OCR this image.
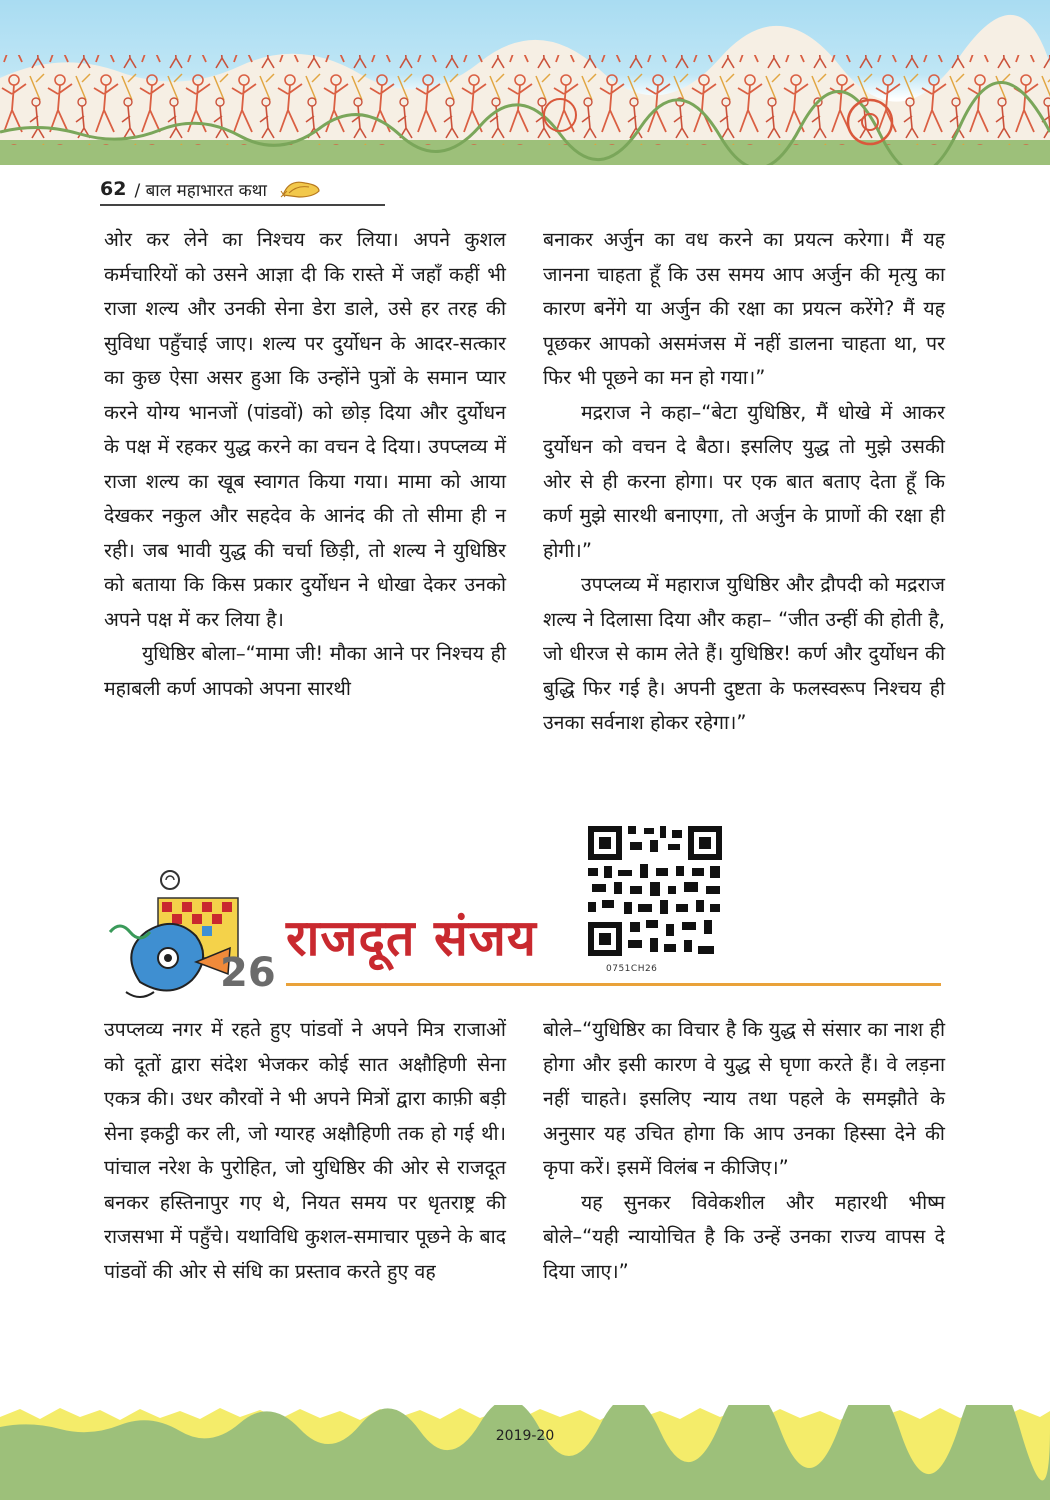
62 / बाल महाभारत कथा

ओर कर लेने का निश्चय कर लिया। अपने कुशल कर्मचारियों को उसने आज्ञा दी कि रास्ते में जहाँ कहीं भी राजा शल्य और उनकी सेना डेरा डाले, उसे हर तरह की सुविधा पहुँचाई जाए। शल्य पर दुर्योधन के आदर-सत्कार का कुछ ऐसा असर हुआ कि उन्होंने पुत्रों के समान प्यार करने योग्य भानजों (पांडवों) को छोड़ दिया और दुर्योधन के पक्ष में रहकर युद्ध करने का वचन दे दिया। उपप्लव्य में राजा शल्य का खूब स्वागत किया गया। मामा को आया देखकर नकुल और सहदेव के आनंद की तो सीमा ही न रही। जब भावी युद्ध की चर्चा छिड़ी, तो शल्य ने युधिष्ठिर को बताया कि किस प्रकार दुर्योधन ने धोखा देकर उनको अपने पक्ष में कर लिया है।

युधिष्ठिर बोला–“मामा जी! मौका आने पर निश्चय ही महाबली कर्ण आपको अपना सारथी

बनाकर अर्जुन का वध करने का प्रयत्न करेगा। मैं यह जानना चाहता हूँ कि उस समय आप अर्जुन की मृत्यु का कारण बनेंगे या अर्जुन की रक्षा का प्रयत्न करेंगे? मैं यह पूछकर आपको असमंजस में नहीं डालना चाहता था, पर फिर भी पूछने का मन हो गया।”

मद्रराज ने कहा–“बेटा युधिष्ठिर, मैं धोखे में आकर दुर्योधन को वचन दे बैठा। इसलिए युद्ध तो मुझे उसकी ओर से ही करना होगा। पर एक बात बताए देता हूँ कि कर्ण मुझे सारथी बनाएगा, तो अर्जुन के प्राणों की रक्षा ही होगी।”

उपप्लव्य में महाराज युधिष्ठिर और द्रौपदी को मद्रराज शल्य ने दिलासा दिया और कहा– “जीत उन्हीं की होती है, जो धीरज से काम लेते हैं। युधिष्ठिर! कर्ण और दुर्योधन की बुद्धि फिर गई है। अपनी दुष्टता के फलस्वरूप निश्चय ही उनका सर्वनाश होकर रहेगा।”

26
राजदूत संजय
0751CH26

उपप्लव्य नगर में रहते हुए पांडवों ने अपने मित्र राजाओं को दूतों द्वारा संदेश भेजकर कोई सात अक्षौहिणी सेना एकत्र की। उधर कौरवों ने भी अपने मित्रों द्वारा काफ़ी बड़ी सेना इकट्ठी कर ली, जो ग्यारह अक्षौहिणी तक हो गई थी। पांचाल नरेश के पुरोहित, जो युधिष्ठिर की ओर से राजदूत बनकर हस्तिनापुर गए थे, नियत समय पर धृतराष्ट्र की राजसभा में पहुँचे। यथाविधि कुशल-समाचार पूछने के बाद पांडवों की ओर से संधि का प्रस्ताव करते हुए वह

बोले–“युधिष्ठिर का विचार है कि युद्ध से संसार का नाश ही होगा और इसी कारण वे युद्ध से घृणा करते हैं। वे लड़ना नहीं चाहते। इसलिए न्याय तथा पहले के समझौते के अनुसार यह उचित होगा कि आप उनका हिस्सा देने की कृपा करें। इसमें विलंब न कीजिए।”

यह सुनकर विवेकशील और महारथी भीष्म बोले–“यही न्यायोचित है कि उन्हें उनका राज्य वापस दे दिया जाए।”

2019-20
